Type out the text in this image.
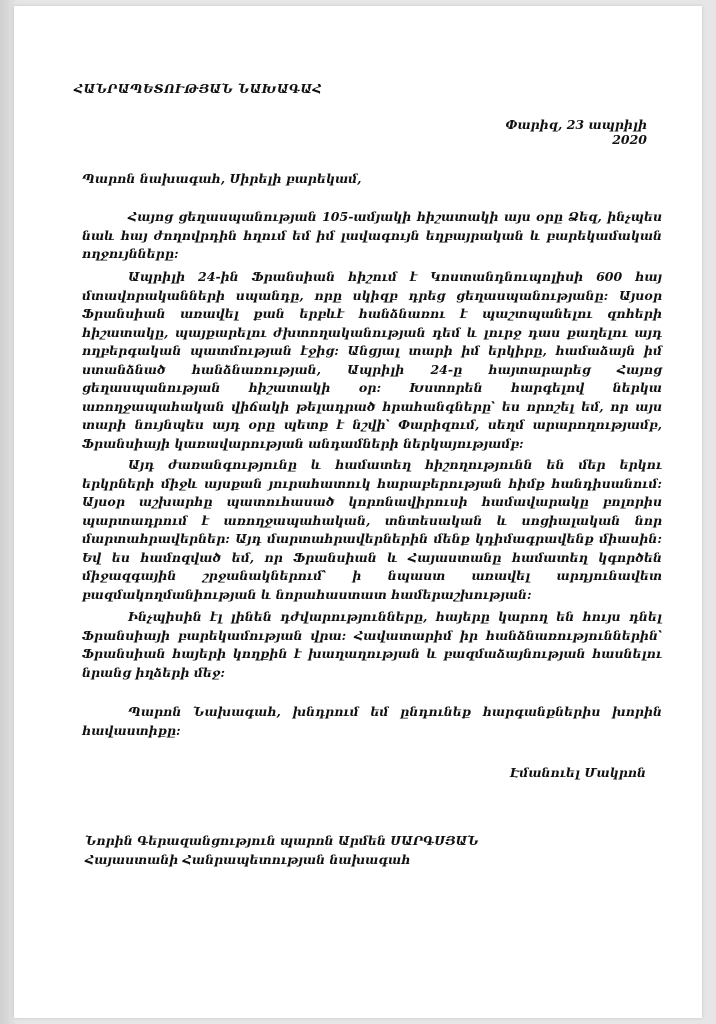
ՀԱՆՐԱՊԵՏՈՒԹՅԱՆ ՆԱԽԱԳԱՀ
Փարիզ, 23 ապրիլի 2020
Պարոն նախագահ, Սիրելի բարեկամ,

Հայոց ցեղասպանության 105-ամյակի հիշատակի այս օրը Ձեզ, ինչպես նաև հայ ժողովրդին հղում եմ իմ լավագույն եղբայրական և բարեկամական ողջույնները:

Ապրիլի 24-ին Ֆրանսիան հիշում է Կոստանդնուպոլիսի 600 հայ մտավորականների սպանդը, որը սկիզբ դրեց ցեղասպանությանը: Այսօր Ֆրանսիան առավել քան երբևէ հանձնառու է պաշտպանելու զոհերի հիշատակը, պայքարելու ժխտողականության դեմ և լուրջ դաս քաղելու այդ ողբերգական պատմության էջից: Անցյալ տարի իմ երկիրը, համաձայն իմ ստանձնած հանձնառության, Ապրիլի 24-ը հայտարարեց Հայոց ցեղասպանության հիշատակի օր: Խստորեն հարգելով ներկա առողջապահական վիճակի թելադրած հրահանգները՝ ես որոշել եմ, որ այս տարի նույնպես այդ օրը պետք է նշվի՝ Փարիզում, սեղմ արարողությամբ, Ֆրանսիայի կառավարության անդամների ներկայությամբ:

Այդ ժառանգությունը և համատեղ հիշողությունն են մեր երկու երկրների միջև այսքան յուրահատուկ հարաբերության հիմք հանդիսանում: Այսօր աշխարհը պատուհասած կորոնավիրուսի համավարակը բոլորիս պարտադրում է առողջապահական, տնտեսական և սոցիալական նոր մարտահրավերներ: Այդ մարտահրավերներին մենք կդիմագրավենք միասին: Եվ ես համոզված եմ, որ Ֆրանսիան և Հայաստանը համատեղ կգործեն միջազգային շրջանակներում՝ ի նպաստ առավել արդյունավետ բազմակողմանիության և նորահաստատ համերաշխության:

Ինչպիսին էլ լինեն դժվարությունները, հայերը կարող են հույս դնել Ֆրանսիայի բարեկամության վրա: Հավատարիմ իր հանձնառություններին՝ Ֆրանսիան հայերի կողքին է խաղաղության և բազմաձայնության հասնելու նրանց իղձերի մեջ:

Պարոն Նախագահ, խնդրում եմ ընդունեք հարգանքներիս խորին հավաստիքը:

Էմանուել Մակրոն
Նորին Գերազանցություն պարոն Արմեն ՍԱՐԳՍՅԱՆ
Հայաստանի Հանրապետության նախագահ
